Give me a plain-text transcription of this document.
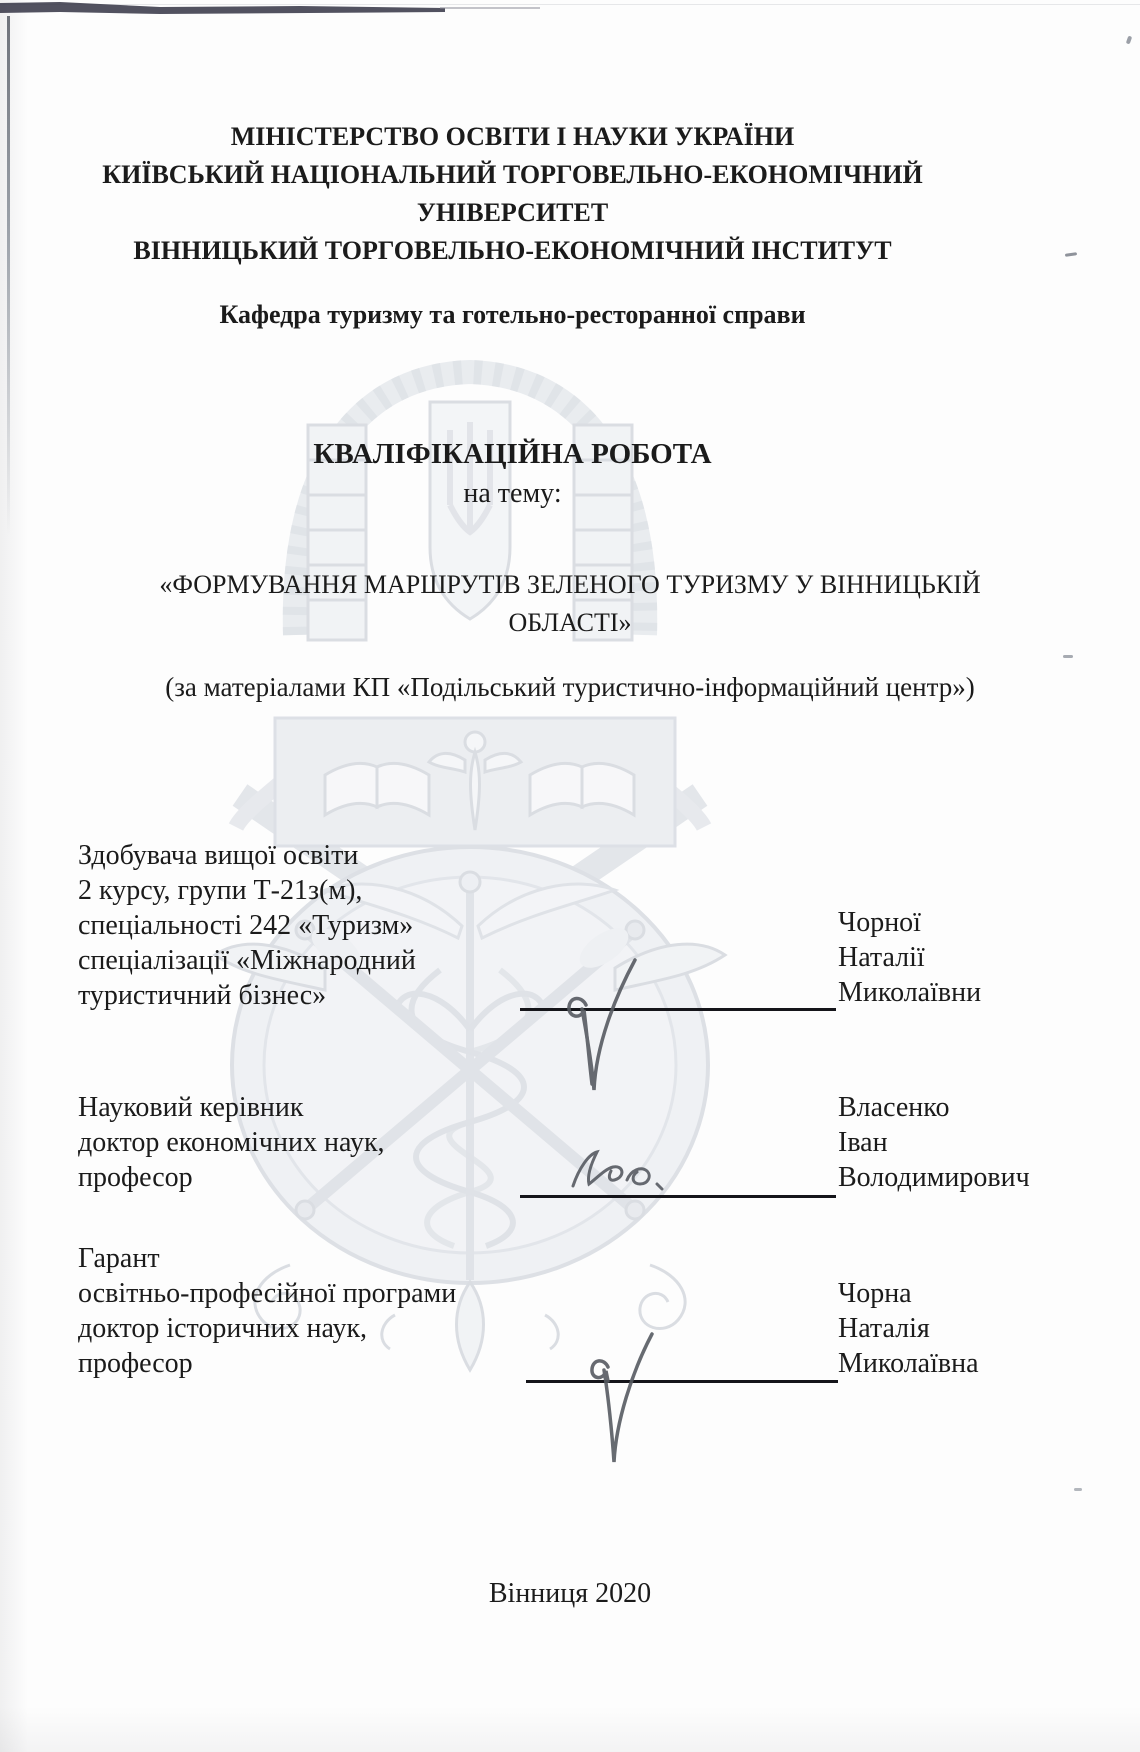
МІНІСТЕРСТВО ОСВІТИ І НАУКИ УКРАЇНИ
КИЇВСЬКИЙ НАЦІОНАЛЬНИЙ ТОРГОВЕЛЬНО-ЕКОНОМІЧНИЙ
УНІВЕРСИТЕТ
ВІННИЦЬКИЙ ТОРГОВЕЛЬНО-ЕКОНОМІЧНИЙ ІНСТИТУТ
Кафедра туризму та готельно-ресторанної справи
КВАЛІФІКАЦІЙНА РОБОТА
на тему:
«ФОРМУВАННЯ МАРШРУТІВ ЗЕЛЕНОГО ТУРИЗМУ У ВІННИЦЬКІЙ
ОБЛАСТІ»
(за матеріалами КП «Подільський туристично-інформаційний центр»)
Здобувача вищої освіти
2 курсу, групи Т-21з(м),
спеціальності 242 «Туризм»
спеціалізації «Міжнародний
туристичний бізнес»
Чорної
Наталії
Миколаївни
Науковий керівник
доктор економічних наук,
професор
Власенко
Іван
Володимирович
Гарант
освітньо-професійної програми
доктор історичних наук,
професор
Чорна
Наталія
Миколаївна
Вінниця 2020
